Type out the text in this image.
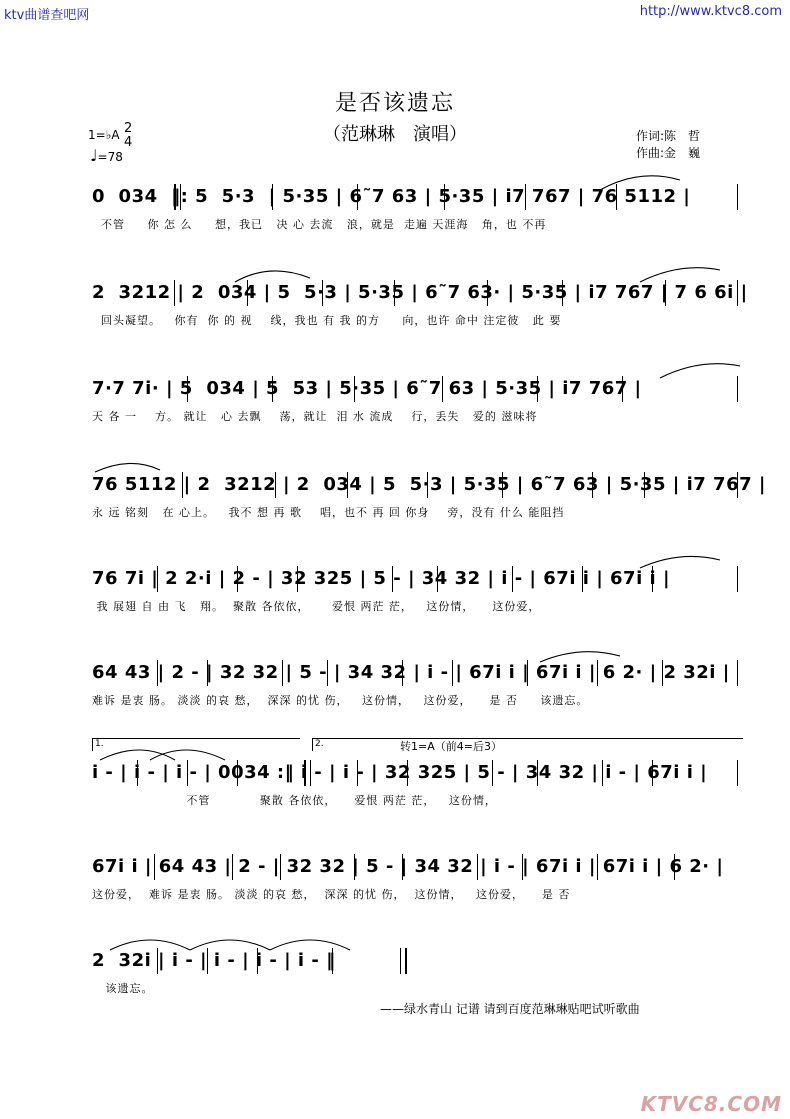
ktv曲谱查吧网	http://www.ktvc8.com
是否该遗忘
（范琳琳　演唱）	作词:陈　哲
作曲:金　巍
1=♭A 2
4
♩=78
0  034  ‖: 5  5·3  | 5·35 | 6˜7 63 | 5·35 | i7 767 | 76 5112 |
不管     你 怎 么     想，我已   决 心 去流   浪，就是  走遍 天涯海   角，也 不再
2  3212 | 2  034 | 5  5·3 | 5·35 | 6˜7 63· | 5·35 | i7 767 | 7 6 6i |
回头凝望。   你有  你 的 视    线，我也 有 我 的方     向，也许 命中 注定彼   此 要
7·7 7i· | 5  034 | 5  53 | 5·35 | 6˜7 63 | 5·35 | i7 767 |
天 各 一    方。 就让   心 去飘    荡，就让  泪 水 流成    行，丢失   爱的 滋味将
76 5112 | 2  3212 | 2  034 | 5  5·3 | 5·35 | 6˜7 63 | 5·35 | i7 767 |
永 远 铭刻   在 心上。   我不 想 再 歌    唱，也不 再 回 你身    旁，没有 什么 能阻挡
76 7i | 2 2·i | 2 - | 32 325 | 5 - | 34 32 | i - | 67i i | 67i i |
我 展翅 自 由 飞   翔。  聚散 各依依，     爱恨 两茫 茫，   这份情，    这份爱，
64 43 | 2 - | 32 32 | 5 - | 34 32 | i - | 67i i | 67i i | 6 2· | 2 32i |
难诉 是衷 肠。 淡淡 的哀 愁，  深深 的忧 伤，   这份情，   这份爱，    是 否     该遗忘。
1.	2.	转1=A（前4=后3）
i - | i - | i - | 0034 :‖ i - | i - | 32 325 | 5 - | 34 32 | i - | 67i i |
不管           聚散 各依依，    爱恨 两茫 茫，   这份情，
67i i | 64 43 | 2 - | 32 32 | 5 - | 34 32 | i - | 67i i | 67i i | 6 2· |
这份爱，  难诉 是衷 肠。 淡淡 的哀 愁，  深深 的忧 伤，  这份情，   这份爱，    是 否
2  32i | i - | i - | i - | i - ‖
该遗忘。
——绿水青山 记谱 请到百度范琳琳贴吧试听歌曲
KTVC8.COM
